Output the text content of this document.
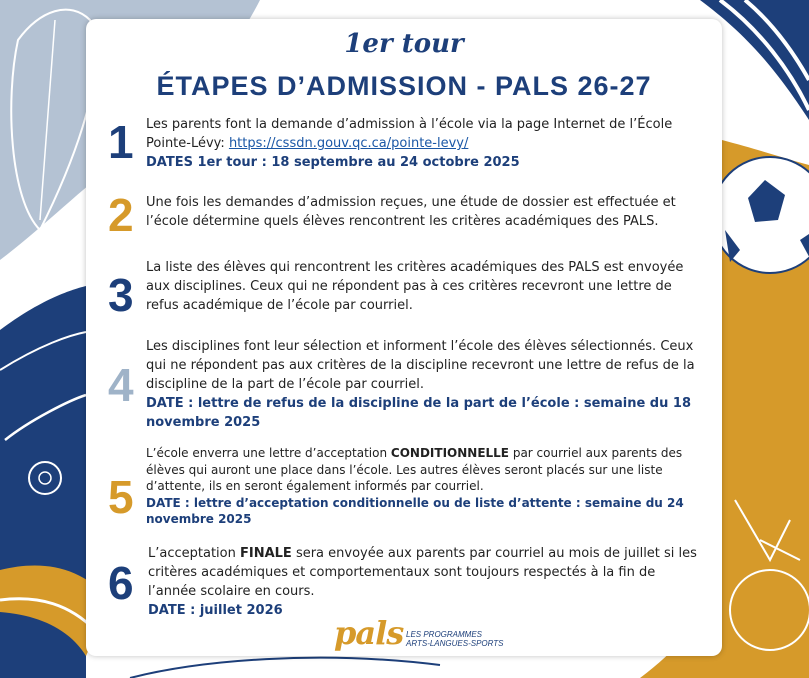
1er tour
ÉTAPES D’ADMISSION - PALS 26-27
1 Les parents font la demande d’admission à l’école via la page Internet de l’École Pointe-Lévy: https://cssdn.gouv.qc.ca/pointe-levy/

DATES 1er tour : 18 septembre au 24 octobre 2025

2 Une fois les demandes d’admission reçues, une étude de dossier est effectuée et l’école détermine quels élèves rencontrent les critères académiques des PALS.
3
La liste des élèves qui rencontrent les critères académiques des PALS est envoyée aux disciplines. Ceux qui ne répondent pas à ces critères recevront une lettre de refus académique de l’école par courriel.
4

Les disciplines font leur sélection et informent l’école des élèves sélectionnés. Ceux qui ne répondent pas aux critères de la discipline recevront une lettre de refus de la discipline de la part de l’école par courriel.

DATE : lettre de refus de la discipline de la part de l’école : semaine du 18 novembre 2025

5

L’école enverra une lettre d’acceptation CONDITIONNELLE par courriel aux parents des élèves qui auront une place dans l’école. Les autres élèves seront placés sur une liste d’attente, ils en seront également informés par courriel.

DATE : lettre d’acceptation conditionnelle ou de liste d’attente : semaine du 24 novembre 2025

6

L’acceptation FINALE sera envoyée aux parents par courriel au mois de juillet si les critères académiques et comportementaux sont toujours respectés à la fin de l’année scolaire en cours.

DATE : juillet 2026

pals LES PROGRAMMES
ARTS-LANGUES-SPORTS
